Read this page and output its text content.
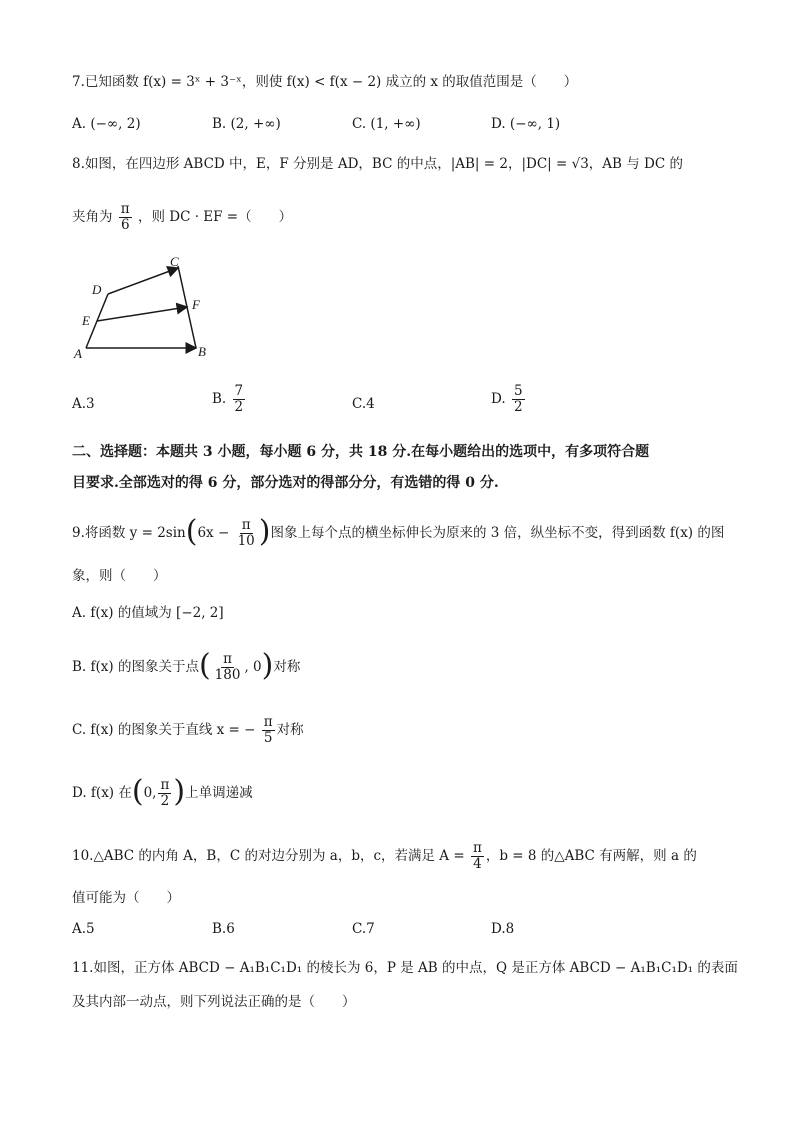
7.已知函数 f(x) = 3ˣ + 3⁻ˣ，则使 f(x) < f(x − 2) 成立的 x 的取值范围是（　　）
A. (−∞, 2)	B. (2, +∞)	C. (1, +∞)	D. (−∞, 1)
8.如图，在四边形 ABCD 中，E，F 分别是 AD，BC 的中点，|AB| = 2，|DC| = √3，AB 与 DC 的
夹角为 $\frac{\pi}{6}$ ，则 DC · EF =（　　）
C
D
F
E
A	B
A.3	B. $\frac{7}{2}$	C.4	D. $\frac{5}{2}$
二、选择题：本题共 3 小题，每小题 6 分，共 18 分.在每小题给出的选项中，有多项符合题
目要求.全部选对的得 6 分，部分选对的得部分分，有选错的得 0 分.
9.将函数 $y = 2\sin(6x - \frac{\pi}{10}$ )图象上每个点的横坐标伸长为原来的 3 倍，纵坐标不变，得到函数 f(x) 的图
象，则（　　）
A. f(x) 的值域为 [−2, 2]
B. f(x) 的图象关于点( $\frac{\pi}{180}$ , 0)对称
C. f(x) 的图象关于直线 x = − $\frac{\pi}{5}$ 对称
D. f(x) 在(0, $\frac{\pi}{2}$ )上单调递减
10.△ABC 的内角 A，B，C 的对边分别为 a，b，c，若满足 $A = \frac{\pi}{4}$ ，b = 8 的△ABC 有两解，则 a 的
值可能为（　　）
A.5	B.6	C.7	D.8
11.如图，正方体 ABCD − A₁B₁C₁D₁ 的棱长为 6，P 是 AB 的中点，Q 是正方体 ABCD − A₁B₁C₁D₁ 的表面
及其内部一动点，则下列说法正确的是（　　）
